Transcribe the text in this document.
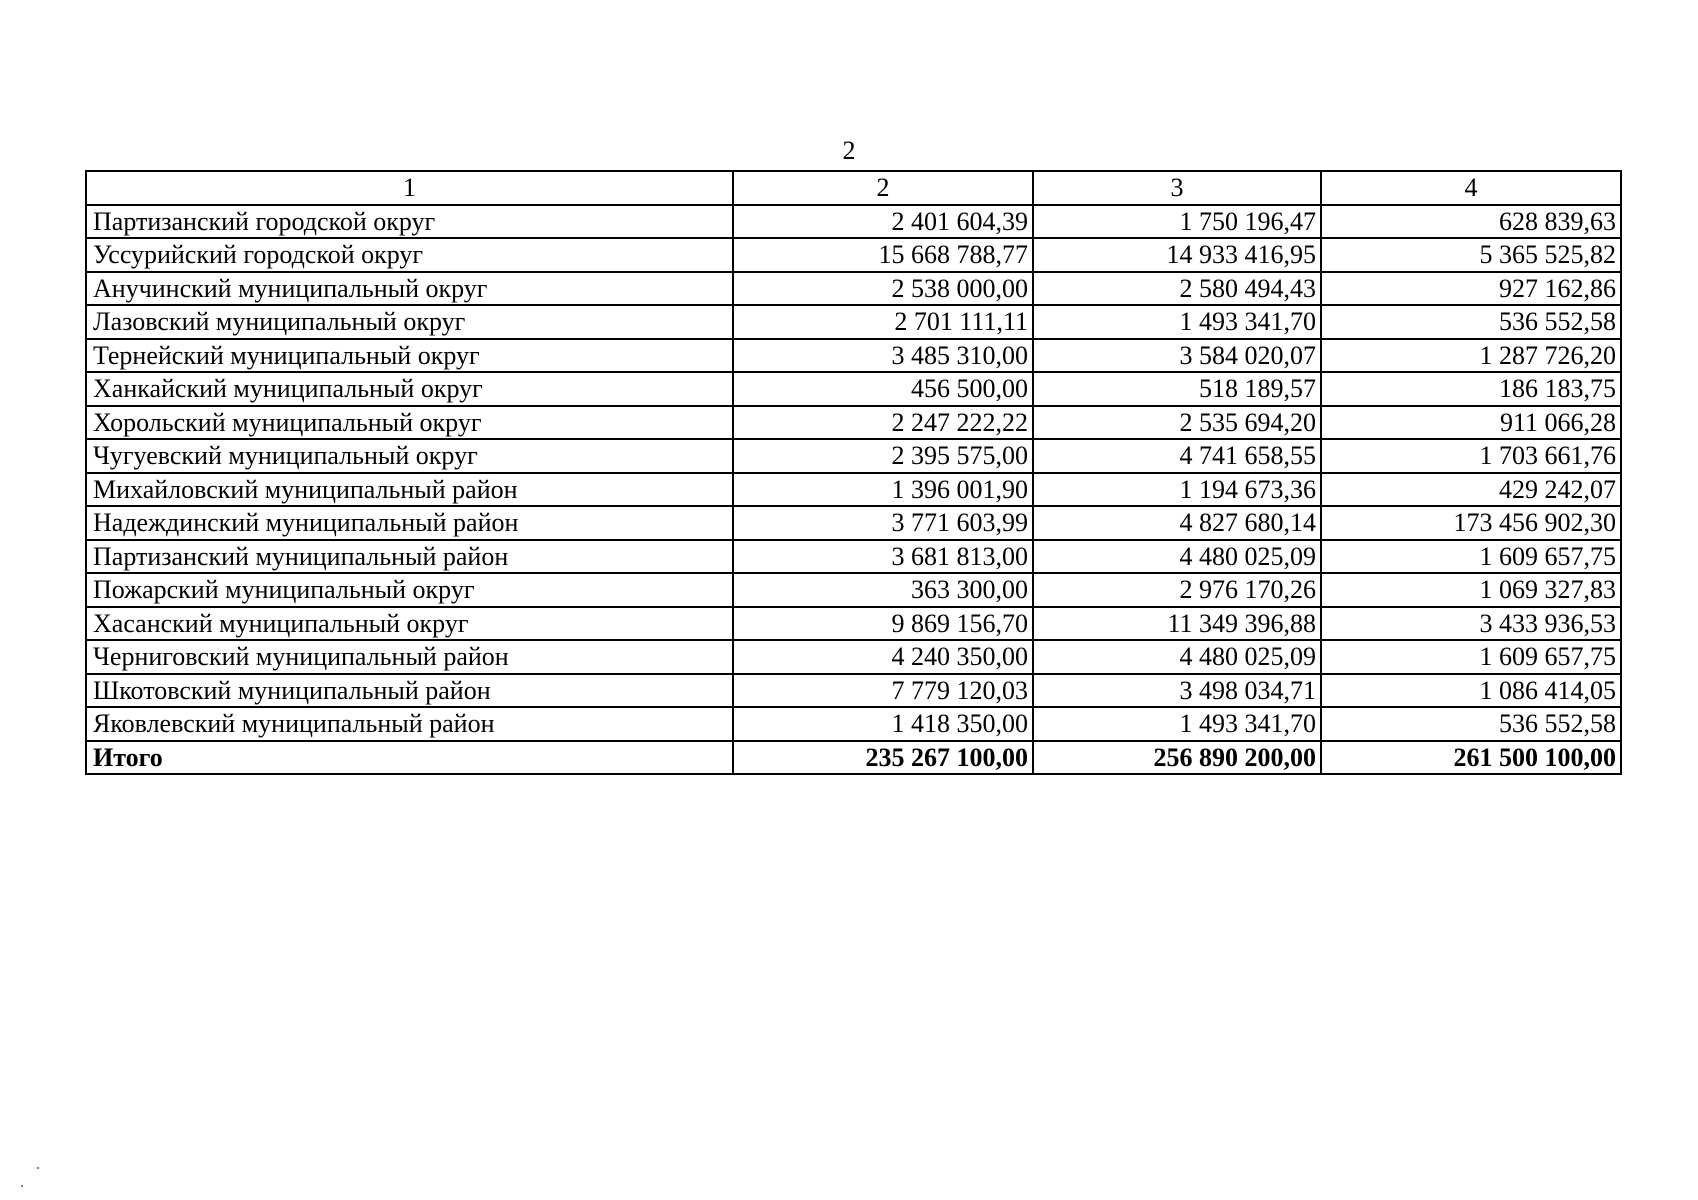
2
1	2	3	4
Партизанский городской округ	2 401 604,39	1 750 196,47	628 839,63
Уссурийский городской округ	15 668 788,77	14 933 416,95	5 365 525,82
Анучинский муниципальный округ	2 538 000,00	2 580 494,43	927 162,86
Лазовский муниципальный округ	2 701 111,11	1 493 341,70	536 552,58
Тернейский муниципальный округ	3 485 310,00	3 584 020,07	1 287 726,20
Ханкайский муниципальный округ	456 500,00	518 189,57	186 183,75
Хорольский муниципальный округ	2 247 222,22	2 535 694,20	911 066,28
Чугуевский муниципальный округ	2 395 575,00	4 741 658,55	1 703 661,76
Михайловский муниципальный район	1 396 001,90	1 194 673,36	429 242,07
Надеждинский муниципальный район	3 771 603,99	4 827 680,14	173 456 902,30
Партизанский муниципальный район	3 681 813,00	4 480 025,09	1 609 657,75
Пожарский муниципальный округ	363 300,00	2 976 170,26	1 069 327,83
Хасанский муниципальный округ	9 869 156,70	11 349 396,88	3 433 936,53
Черниговский муниципальный район	4 240 350,00	4 480 025,09	1 609 657,75
Шкотовский муниципальный район	7 779 120,03	3 498 034,71	1 086 414,05
Яковлевский муниципальный район	1 418 350,00	1 493 341,70	536 552,58
Итого	235 267 100,00	256 890 200,00	261 500 100,00
